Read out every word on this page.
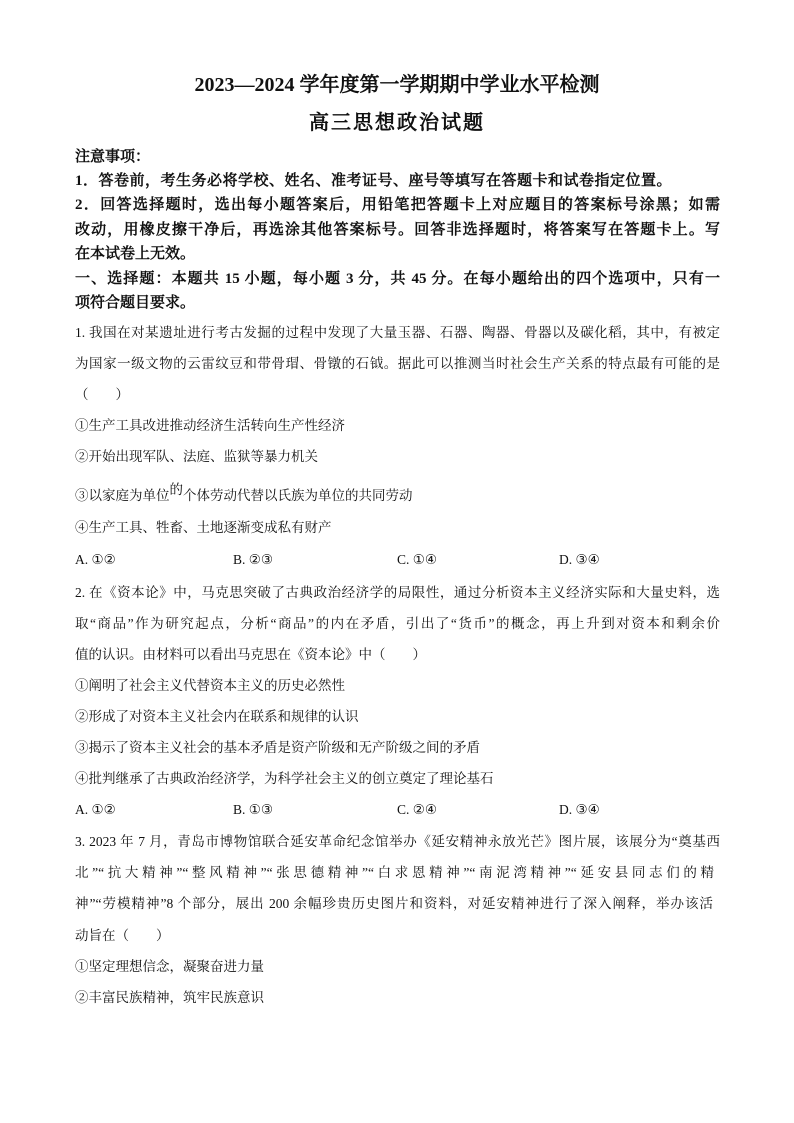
2023—2024 学年度第一学期期中学业水平检测
高三思想政治试题
注意事项：
1．答卷前，考生务必将学校、姓名、准考证号、座号等填写在答题卡和试卷指定位置。
2．回答选择题时，选出每小题答案后，用铅笔把答题卡上对应题目的答案标号涂黑；如需
改动，用橡皮擦干净后，再选涂其他答案标号。回答非选择题时，将答案写在答题卡上。写
在本试卷上无效。
一、选择题：本题共 15 小题，每小题 3 分，共 45 分。在每小题给出的四个选项中，只有一
项符合题目要求。
1. 我国在对某遗址进行考古发掘的过程中发现了大量玉器、石器、陶器、骨器以及碳化稻，其中，有被定
为国家一级文物的云雷纹豆和带骨瑁、骨镦的石钺。据此可以推测当时社会生产关系的特点最有可能的是
（　　）
①生产工具改进推动经济生活转向生产性经济
②开始出现军队、法庭、监狱等暴力机关
③以家庭为单位的个体劳动代替以氏族为单位的共同劳动
④生产工具、牲畜、土地逐渐变成私有财产
A. ①②	B. ②③	C. ①④	D. ③④
2. 在《资本论》中，马克思突破了古典政治经济学的局限性，通过分析资本主义经济实际和大量史料，选
取“商品”作为研究起点，分析“商品”的内在矛盾，引出了“货币”的概念，再上升到对资本和剩余价
值的认识。由材料可以看出马克思在《资本论》中（　　）
①阐明了社会主义代替资本主义的历史必然性
②形成了对资本主义社会内在联系和规律的认识
③揭示了资本主义社会的基本矛盾是资产阶级和无产阶级之间的矛盾
④批判继承了古典政治经济学，为科学社会主义的创立奠定了理论基石
A. ①②	B. ①③	C. ②④	D. ③④
3. 2023 年 7 月，青岛市博物馆联合延安革命纪念馆举办《延安精神永放光芒》图片展，该展分为“奠基西
北”“抗大精神”“整风精神”“张思德精神”“白求恩精神”“南泥湾精神”“延安县同志们的精
神”“劳模精神”8 个部分，展出 200 余幅珍贵历史图片和资料，对延安精神进行了深入阐释，举办该活
动旨在（　　）
①坚定理想信念，凝聚奋进力量
②丰富民族精神，筑牢民族意识
